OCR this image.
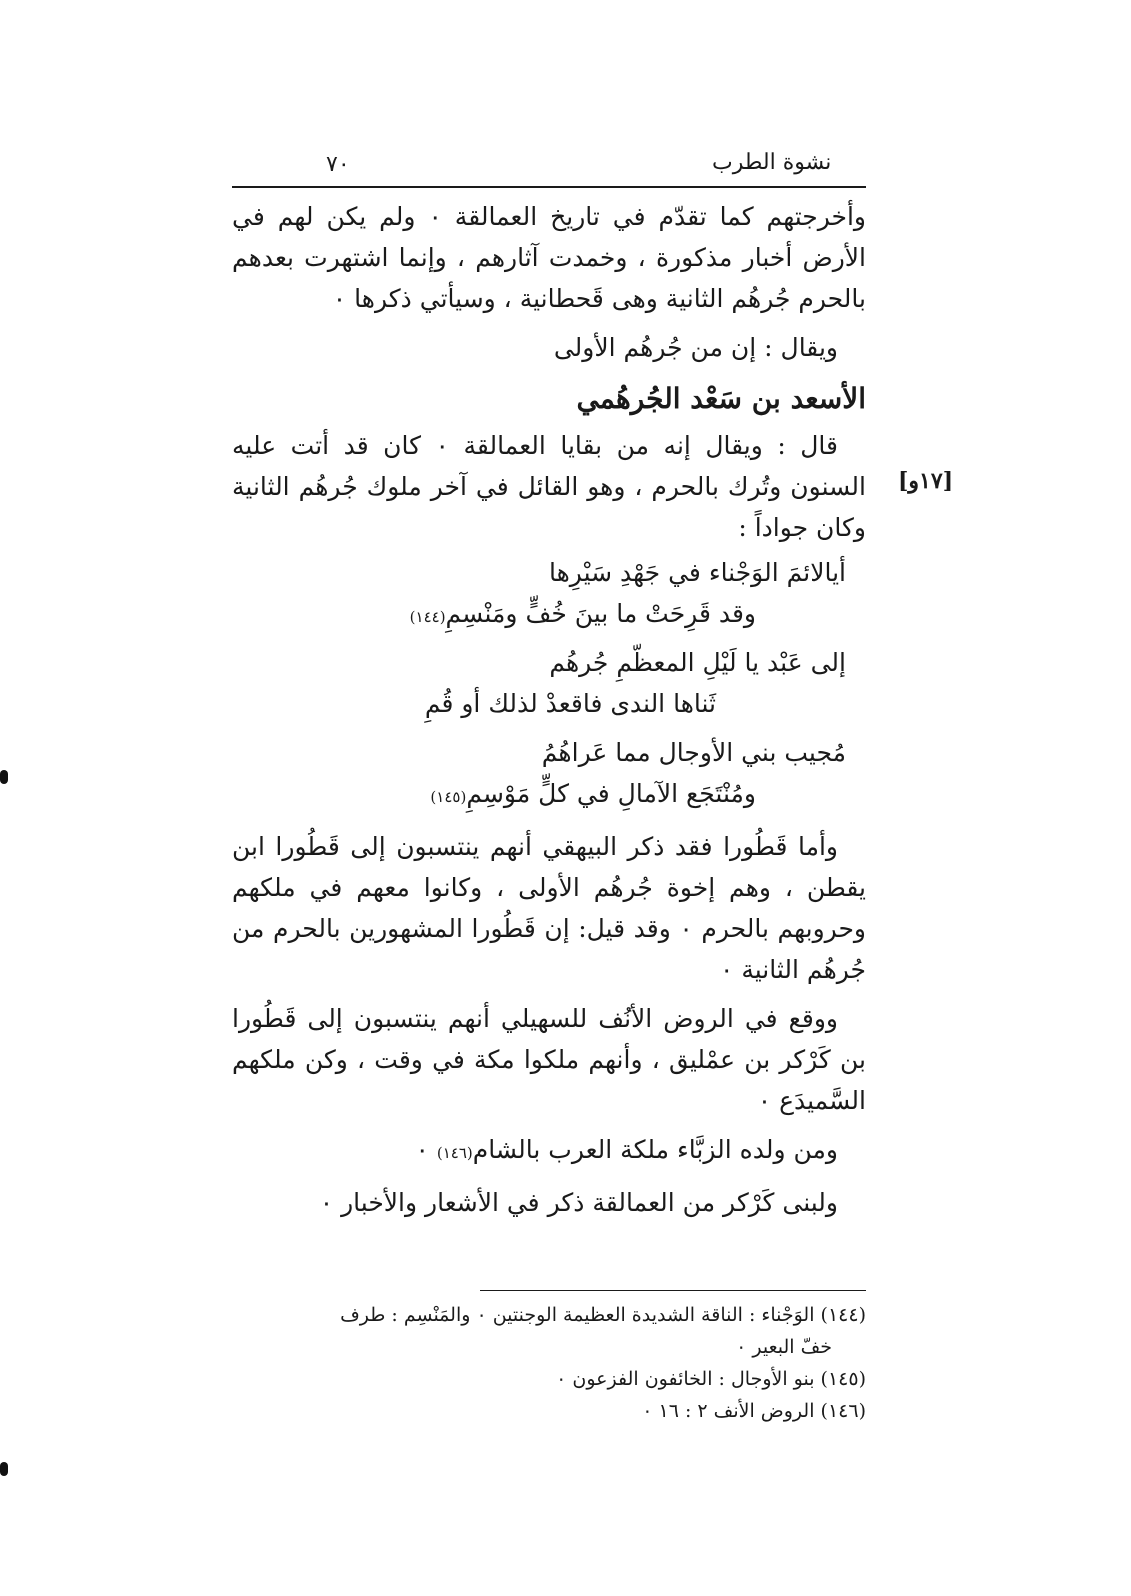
٧٠	نشوة الطرب
[١٧و]

وأخرجتهم كما تقدّم في تاريخ العمالقة ٠ ولم يكن لهم في الأرض أخبار مذكورة ، وخمدت آثارهم ، وإنما اشتهرت بعدهم بالحرم جُرهُم الثانية وهى قَحطانية ، وسيأتي ذكرها ٠

ويقال : إن من جُرهُم الأولى

الأسعد بن سَعْد الجُرهُمي

قال : ويقال إنه من بقايا العمالقة ٠ كان قد أتت عليه السنون وتُرك بالحرم ، وهو القائل في آخر ملوك جُرهُم الثانية وكان جواداً :

أيالائمَ الوَجْناء في جَهْدِ سَيْرِها

وقد قَرِحَتْ ما بينَ خُفٍّ ومَنْسِمِ(١٤٤)

إلى عَبْد يا لَيْلِ المعظّمِ جُرهُم

ثَناها الندى فاقعدْ لذلك أو قُمِ

مُجيب بني الأوجال مما عَراهُمُ

ومُنْتَجَع الآمالِ في كلٍّ مَوْسِمِ(١٤٥)

وأما قَطُورا فقد ذكر البيهقي أنهم ينتسبون إلى قَطُورا ابن يقطن ، وهم إخوة جُرهُم الأولى ، وكانوا معهم في ملكهم وحروبهم بالحرم ٠ وقد قيل: إن قَطُورا المشهورين بالحرم من جُرهُم الثانية ٠

ووقع في الروض الأنُف للسهيلي أنهم ينتسبون إلى قَطُورا بن كَرْكر بن عمْليق ، وأنهم ملكوا مكة في وقت ، وكن ملكهم السَّميدَع ٠

ومن ولده الزبَّاء ملكة العرب بالشام(١٤٦) ٠

ولبنى كَرْكر من العمالقة ذكر في الأشعار والأخبار ٠

(١٤٤) الوَجْناء : الناقة الشديدة العظيمة الوجنتين ٠ والمَنْسِم : طرف

خفّ البعير ٠

(١٤٥) بنو الأوجال : الخائفون الفزعون ٠

(١٤٦) الروض الأنف ٢ : ١٦ ٠
